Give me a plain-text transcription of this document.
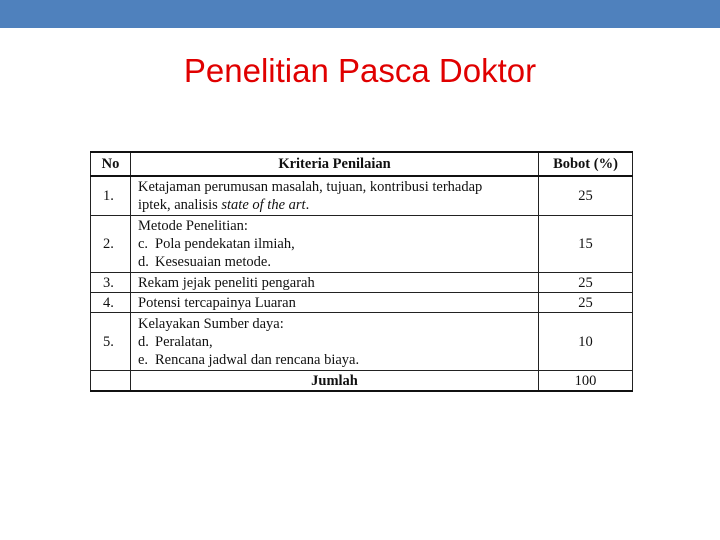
Penelitian Pasca Doktor
No	Kriteria Penilaian	Bobot (%)
1.	Ketajaman perumusan masalah, tujuan, kontribusi terhadap
iptek, analisis state of the art.	25
2.	Metode Penelitian:
c. Pola pendekatan ilmiah,
d. Kesesuaian metode.	15
3.	Rekam jejak peneliti pengarah	25
4.	Potensi tercapainya Luaran	25
5.	Kelayakan Sumber daya:
d. Peralatan,
e. Rencana jadwal dan rencana biaya.	10
	Jumlah	100
